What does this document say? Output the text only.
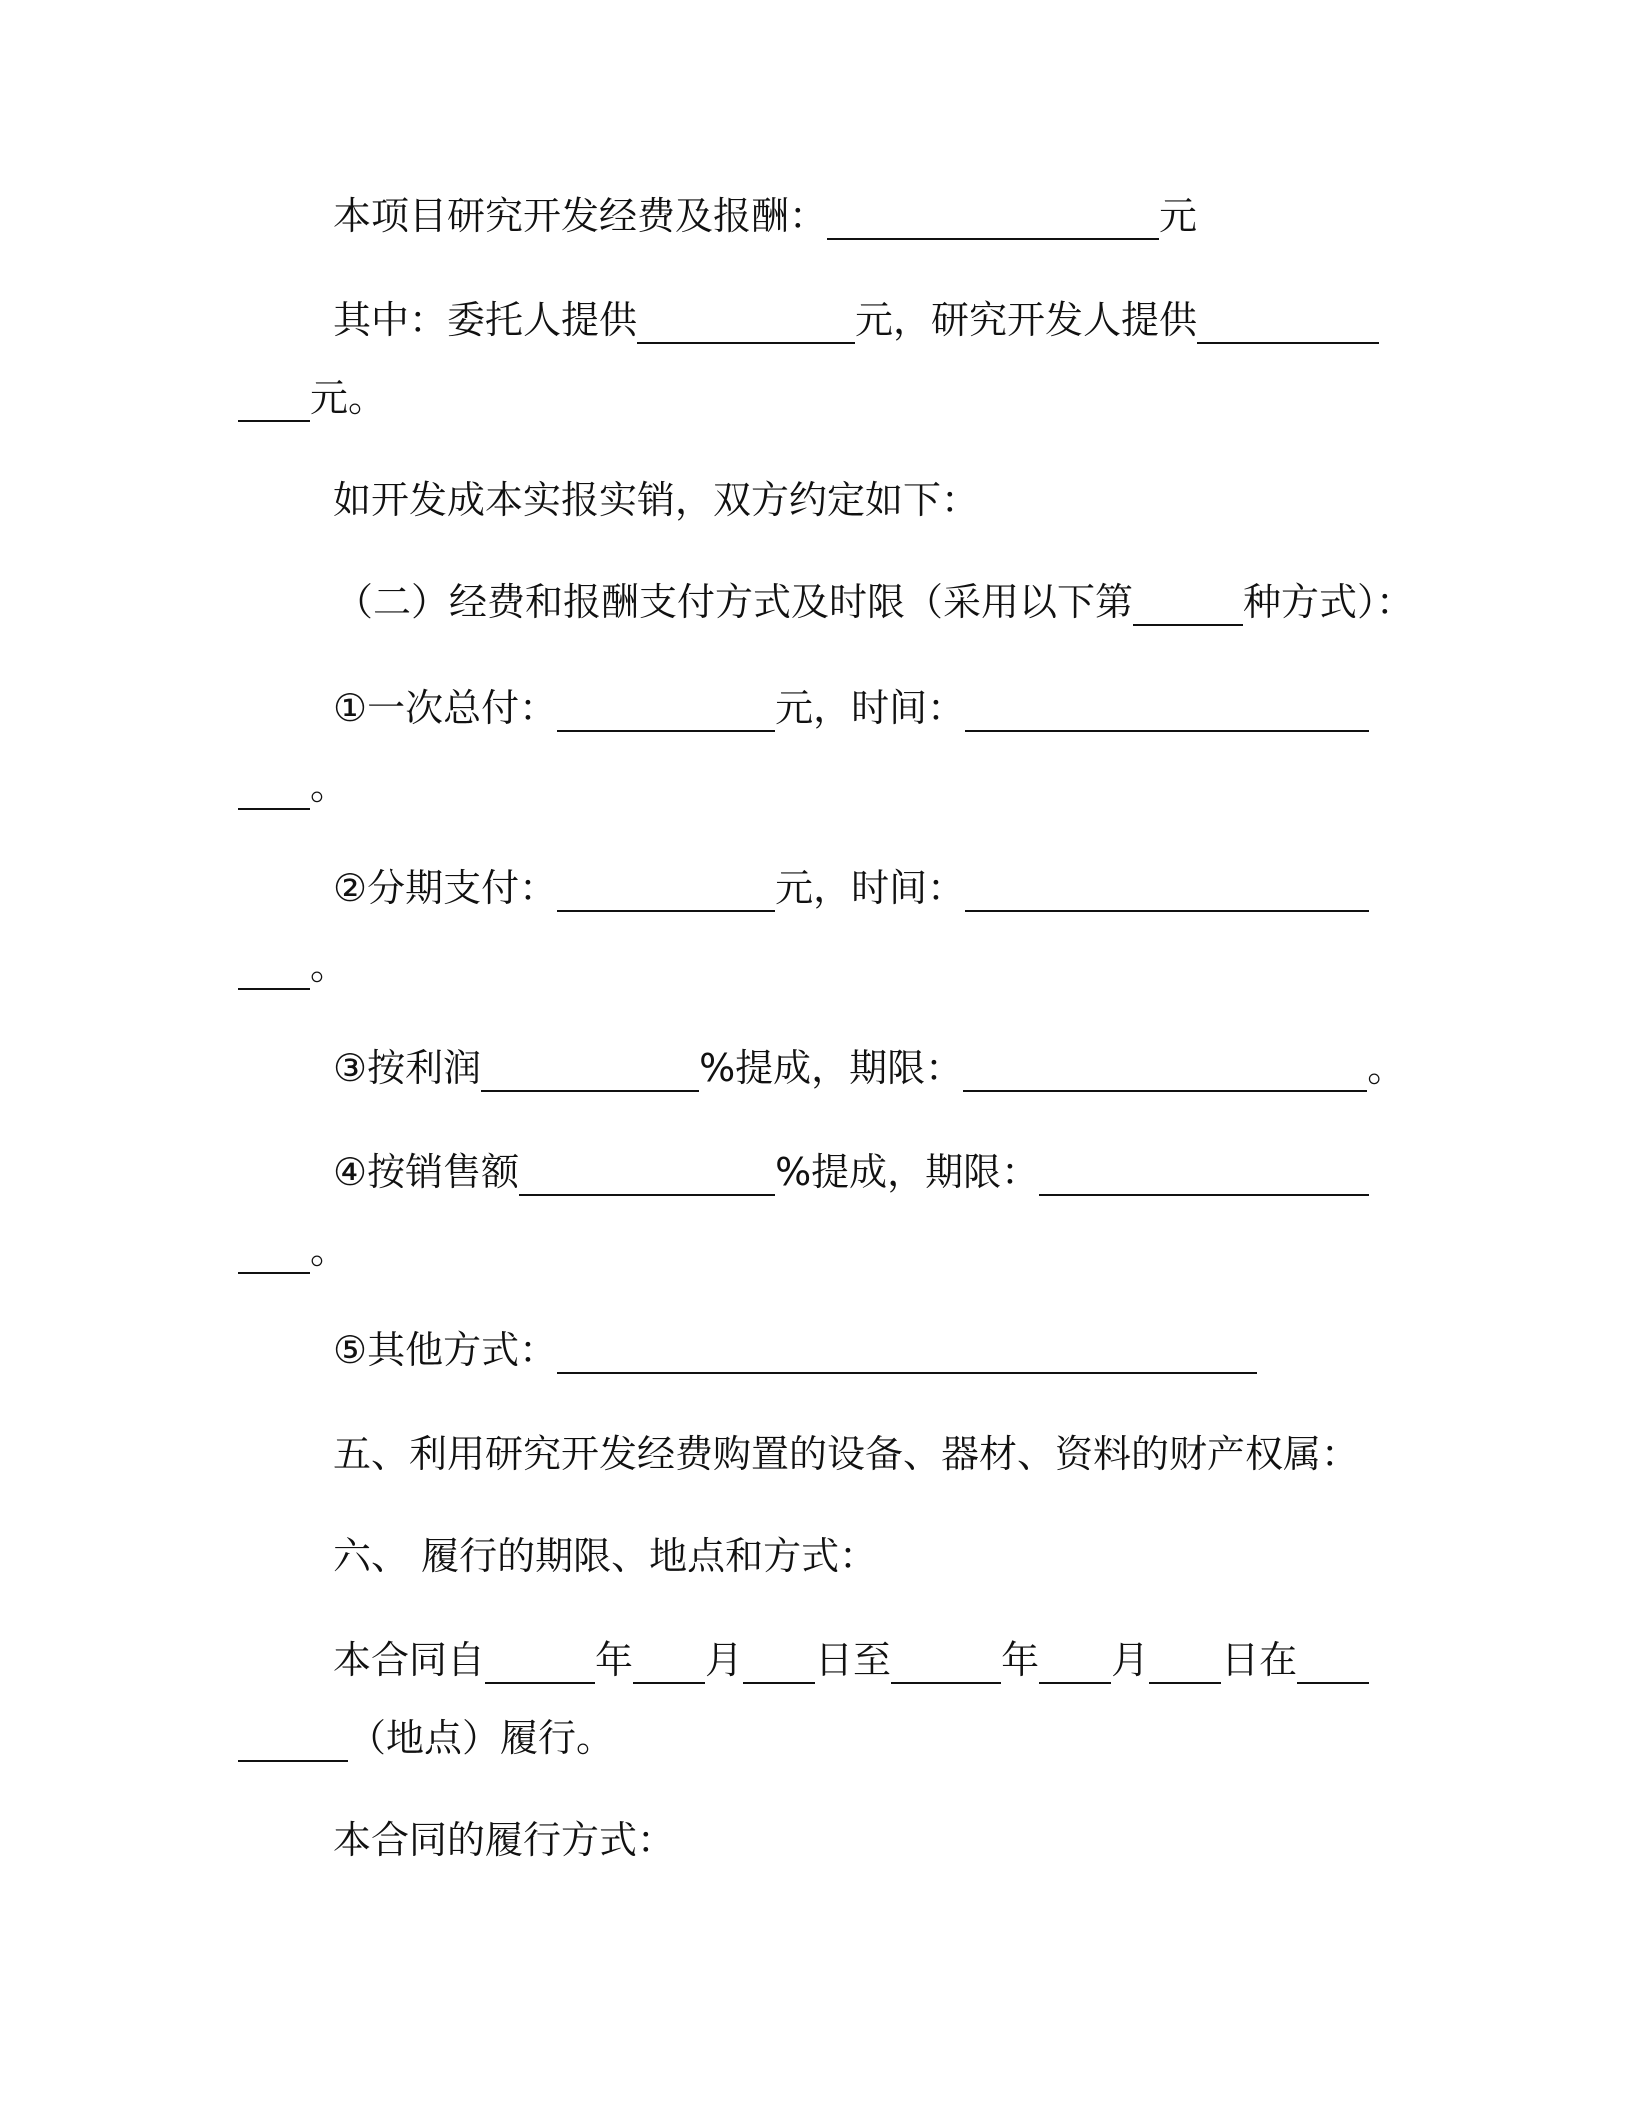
本项目研究开发经费及报酬：	元
其中：委托人提供	元，研究开发人提供
元。
如开发成本实报实销，双方约定如下：
（二）经费和报酬支付方式及时限（采用以下第	种方式）：
①一次总付：	元，时间：
。
②分期支付：	元，时间：
。
③按利润	%提成，期限：	。
④按销售额	%提成，期限：
。
⑤其他方式：
五、利用研究开发经费购置的设备、器材、资料的财产权属：
六、 履行的期限、地点和方式：
本合同自	年 月 日至	年 月 日在
（地点）履行。
本合同的履行方式：
